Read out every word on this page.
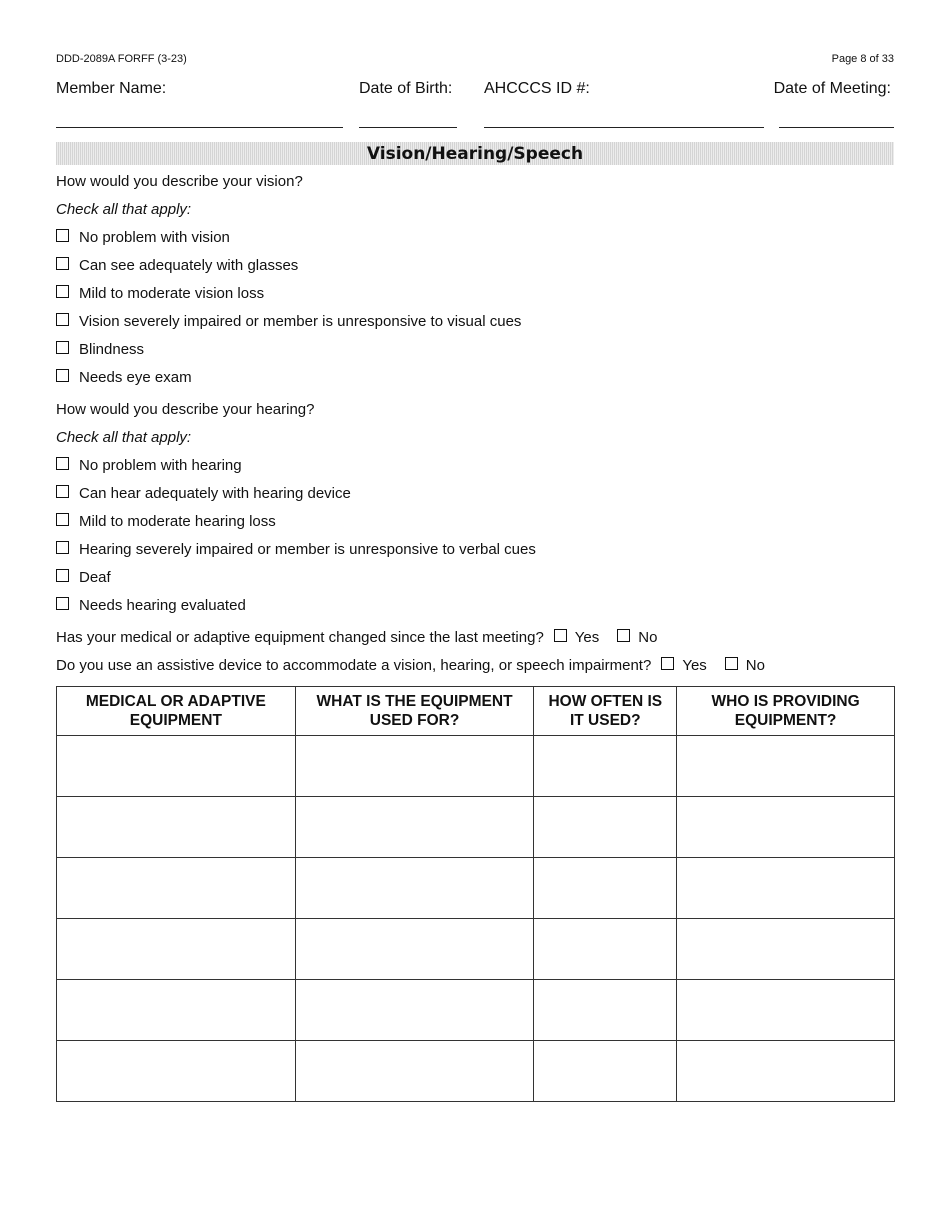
DDD-2089A FORFF (3-23)	Page 8 of 33
Member Name:	Date of Birth: AHCCCS ID #:	Date of Meeting:
Vision/Hearing/Speech
How would you describe your vision?
Check all that apply:
No problem with vision
Can see adequately with glasses
Mild to moderate vision loss
Vision severely impaired or member is unresponsive to visual cues
Blindness
Needs eye exam
How would you describe your hearing?
Check all that apply:
No problem with hearing
Can hear adequately with hearing device
Mild to moderate hearing loss
Hearing severely impaired or member is unresponsive to verbal cues
Deaf
Needs hearing evaluated
Has your medical or adaptive equipment changed since the last meeting? Yes	No
Do you use an assistive device to accommodate a vision, hearing, or speech impairment? Yes	No
MEDICAL OR ADAPTIVE EQUIPMENT	WHAT IS THE EQUIPMENT USED FOR?	HOW OFTEN IS IT USED?	WHO IS PROVIDING EQUIPMENT?
